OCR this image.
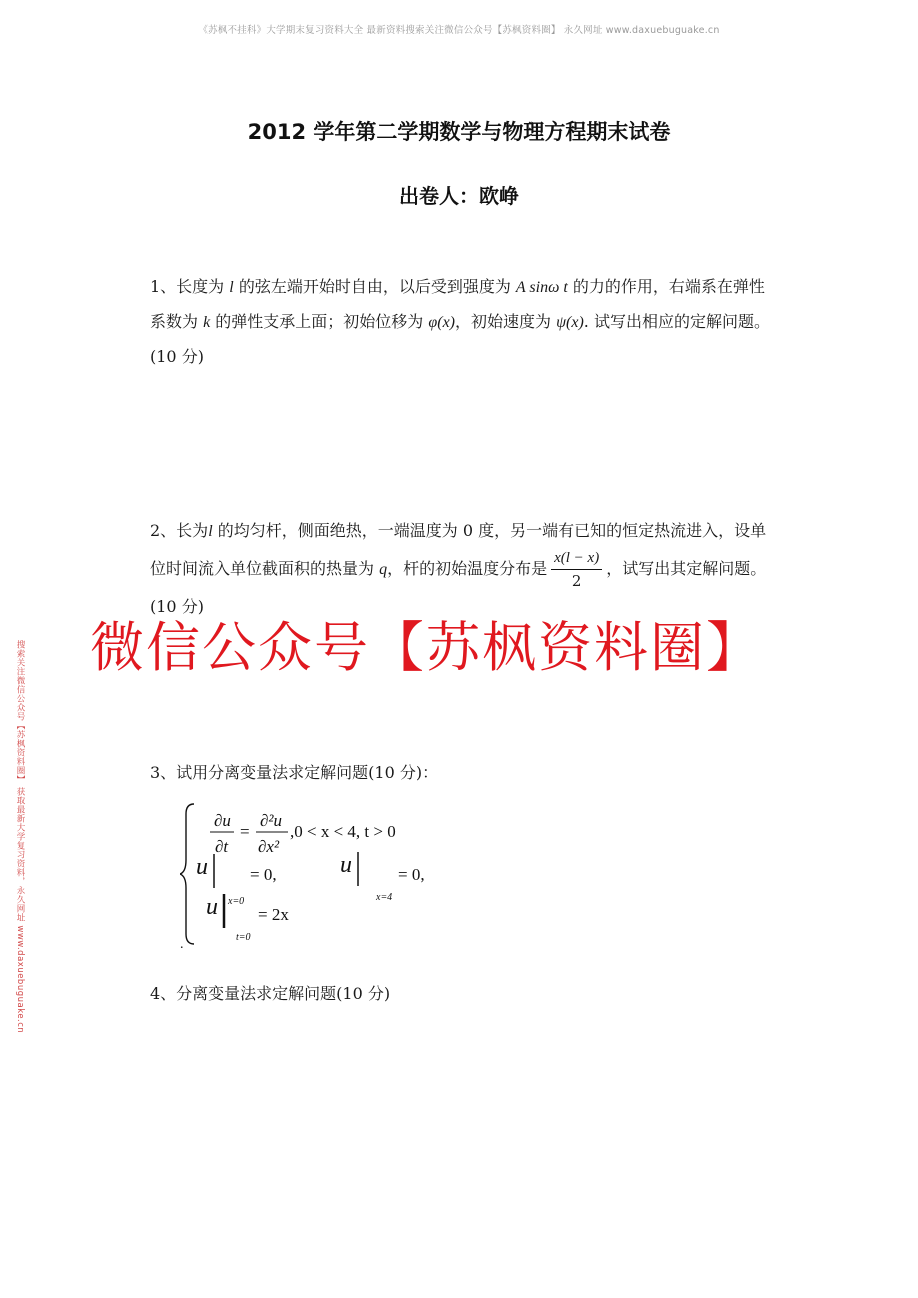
《苏枫不挂科》大学期末复习资料大全 最新资料搜索关注微信公众号【苏枫资料圈】 永久网址 www.daxuebuguake.cn
搜索关注微信公众号【苏枫资料圈】 获取最新大学复习资料，永久网址 www.daxuebuguake.cn
2012 学年第二学期数学与物理方程期末试卷
出卷人：欧峥
1、长度为 l 的弦左端开始时自由，以后受到强度为 A sinω t 的力的作用，右端系在弹性系数为 k 的弹性支承上面；初始位移为 φ(x)，初始速度为 ψ(x). 试写出相应的定解问题。(10 分)
2、长为l 的均匀杆，侧面绝热，一端温度为 0 度，另一端有已知的恒定热流进入，设单位时间流入单位截面积的热量为 q，杆的初始温度分布是 $\frac{x(l - x)}{2}$ ，试写出其定解问题。(10 分)
微信公众号【苏枫资料圈】
3、试用分离变量法求定解问题(10 分)：
∂u
∂t
=
∂²u
∂x²
,0 < x < 4, t > 0
u
x=0
= 0,	u
x=4
= 0,
u
t=0
= 2x
.
4、分离变量法求定解问题(10 分)
